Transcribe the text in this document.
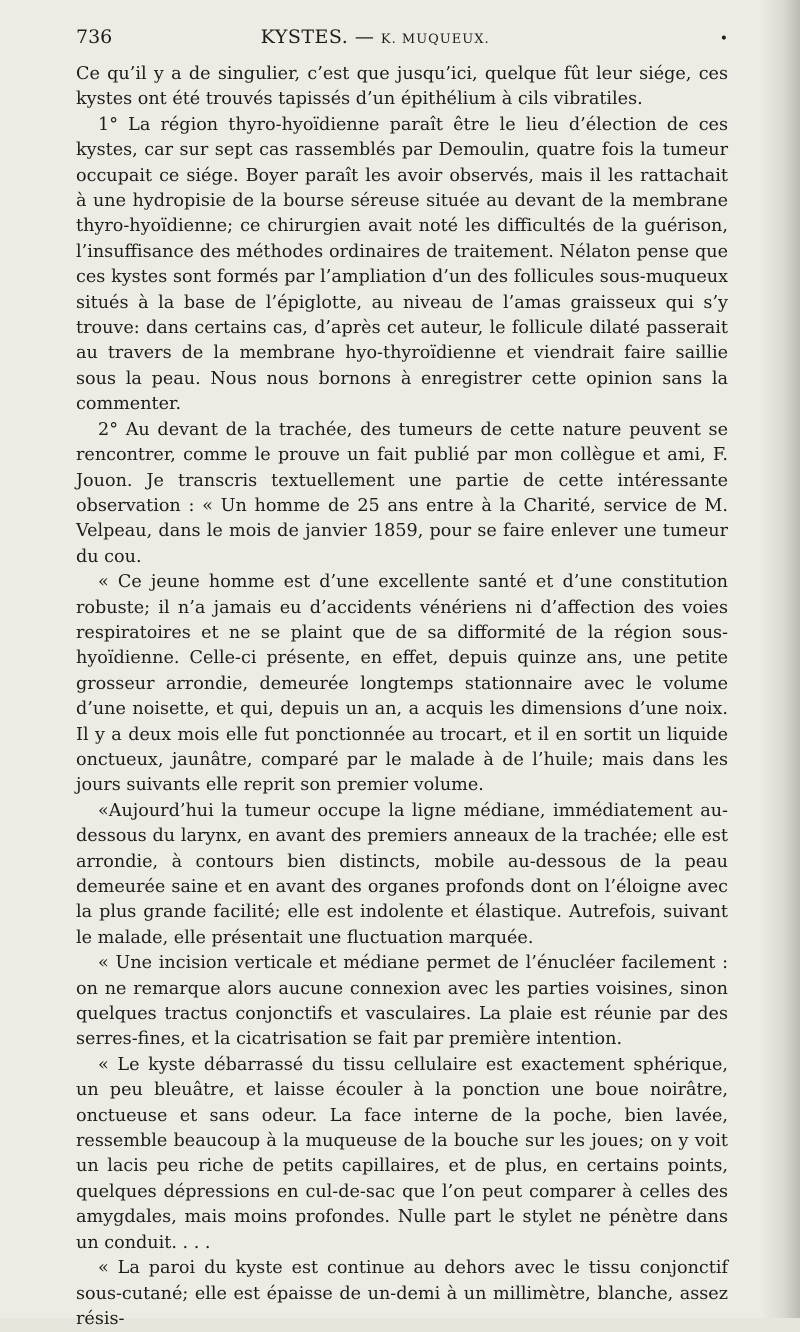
736	KYSTES. — K. MUQUEUX.	•

Ce qu’il y a de singulier, c’est que jusqu’ici, quelque fût leur siége, ces kystes ont été trouvés tapissés d’un épithélium à cils vibratiles.

1° La région thyro-hyoïdienne paraît être le lieu d’élection de ces kystes, car sur sept cas rassemblés par Demoulin, quatre fois la tumeur occupait ce siége. Boyer paraît les avoir observés, mais il les rattachait à une hydropisie de la bourse séreuse située au devant de la membrane thyro-hyoïdienne; ce chirurgien avait noté les difficultés de la guérison, l’insuffisance des méthodes ordinaires de traitement. Nélaton pense que ces kystes sont formés par l’ampliation d’un des follicules sous-muqueux situés à la base de l’épiglotte, au niveau de l’amas graisseux qui s’y trouve: dans certains cas, d’après cet auteur, le follicule dilaté passerait au travers de la membrane hyo-thyroïdienne et viendrait faire saillie sous la peau. Nous nous bornons à enregistrer cette opinion sans la commenter.

2° Au devant de la trachée, des tumeurs de cette nature peuvent se rencontrer, comme le prouve un fait publié par mon collègue et ami, F. Jouon. Je transcris textuellement une partie de cette intéressante observation : « Un homme de 25 ans entre à la Charité, service de M. Velpeau, dans le mois de janvier 1859, pour se faire enlever une tumeur du cou.

« Ce jeune homme est d’une excellente santé et d’une constitution robuste; il n’a jamais eu d’accidents vénériens ni d’affection des voies respiratoires et ne se plaint que de sa difformité de la région sous-hyoïdienne. Celle-ci présente, en effet, depuis quinze ans, une petite grosseur arrondie, demeurée longtemps stationnaire avec le volume d’une noisette, et qui, depuis un an, a acquis les dimensions d’une noix. Il y a deux mois elle fut ponctionnée au trocart, et il en sortit un liquide onctueux, jaunâtre, comparé par le malade à de l’huile; mais dans les jours suivants elle reprit son premier volume.

«Aujourd’hui la tumeur occupe la ligne médiane, immédiatement au-dessous du larynx, en avant des premiers anneaux de la trachée; elle est arrondie, à contours bien distincts, mobile au-dessous de la peau demeurée saine et en avant des organes profonds dont on l’éloigne avec la plus grande facilité; elle est indolente et élastique. Autrefois, suivant le malade, elle présentait une fluctuation marquée.

« Une incision verticale et médiane permet de l’énucléer facilement : on ne remarque alors aucune connexion avec les parties voisines, sinon quelques tractus conjonctifs et vasculaires. La plaie est réunie par des serres-fines, et la cicatrisation se fait par première intention.

« Le kyste débarrassé du tissu cellulaire est exactement sphérique, un peu bleuâtre, et laisse écouler à la ponction une boue noirâtre, onctueuse et sans odeur. La face interne de la poche, bien lavée, ressemble beaucoup à la muqueuse de la bouche sur les joues; on y voit un lacis peu riche de petits capillaires, et de plus, en certains points, quelques dépressions en cul-de-sac que l’on peut comparer à celles des amygdales, mais moins profondes. Nulle part le stylet ne pénètre dans un conduit. . . .

« La paroi du kyste est continue au dehors avec le tissu conjonctif sous-cutané; elle est épaisse de un-demi à un millimètre, blanche, assez résis-
